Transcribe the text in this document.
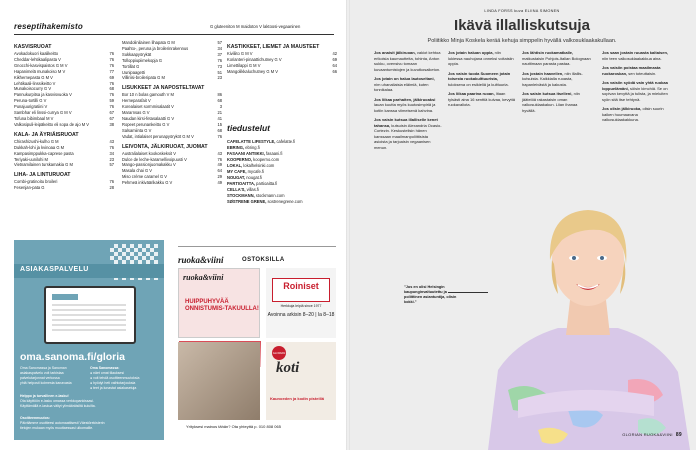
reseptihakemisto	G gluteeniton M maidoton V laktoosi-vegaaninen
KASVISRUOAT
Avokadokuori kaalikeitto	76
Cheddar-lehtikaalipasta V	76
Gnocchi-kasvispaistos G M V	76
Hapanimelä munakoiso M V	77
Kikhernepasta G M V	69
Lehtikaali-linssikeitto V	76
Munakoisocurry G V	68
Pannukurpitsa ja kasvisvuoka V	76
Peruna-tortilli G V	59
Punajuurigratiini V	76
Sambhar eli linssi-currya G M V	67
Tofuna bibimbaal M V	67
Valkosipuli-leipäkeitto eli sopa de ajo M V	38
KALA- JA ÄYRIÄISRUOAT
Chirashizushi-kulho G M	43
Dukkah-lohi ja kvinoaa G M	76
Kampasimppukka-caprese pasta	34
Teriyaki-uunilohi M	23
Vietnamilainen turskamakia G M	57
LIHA- JA LINTURUOAT
Combi-gratinoitu broileri	76
Fesenjan-pata G	28
Mandolinilainen lihapata G M	57
Paahto-, peruna ja broilerinrakennus	34
Sukkaapyörykät	37
Tolloppiupiimekopja G	76
Tortillat G	73
Uunipaagetti	51
Villiriisi-broileripata G M	23
LISUKKEET JA NAPOSTELTAVAT
Bor 10 n bolas gamouth V M	86
Herneparafait V	68
Korealaiset sormmisalaatit V	3
Mararnsas G V	21
Naudan kirsi-fetasalaatti G V	41
Ropeet perunankeitto G V	15
Salsamiinta G V	68
Vadat, intialaiset perunapyöryköt G M V	76
LEIVONTA, JÄLKIRUOAT, JUOMAT
Australialaiset kookoskeksit V	43
Dulce de leche-karamellivoipuusti V	76
Mango-passionjuomakakku V	49
Masala chai G V	64
Miso crème caramel G V	29
Pehmeä inkiväärikakku G V	49
KASTIKKEET, LIEMET JA MAUSTEET
Kiviliito G M V	42
Korianteri-pinaattichutney G V	69
Limettilappi G M V	64
Mangolikkaluchutney G M V	66
tiedustelut
CAFELATTE LIFESTYLE, cafelatte.fi
EBRING, ebring.fi
FASAANI ANTIIKKI, fasaani.fi
KOOPERNO, kooperno.com
LOKAL, lokalhelsinki.com
MY CAFE, mycafe.fi
NOUGAT, nougat.fi
PARTIOAITTA, partioaitta.fi
CELLA'S, villas.fi
STOCKMANN, stockmann.com
SØSTRENE GRENE, sostrenegrene.com
ASIAKASPALVELU
oma.sanoma.fi/gloria
Oma Sanomassa ja Sanoman
asiakaspalvelu voit tarkistaa
palvelutarjonnat verkossa
yhtä helposti kolmesta kanavasta
Oma Sanomassa:
● näet omat tilauksesi
● voit tehdä osoitteenmuutoksia
● hyödyt heti vaihtotarjouksia
● teet ja lunastat asiakasetuja
Helppo ja turvallinen e-lasku!
Ota käyttöön e-lasku omassa verkkopankissasi.
Käyttämällä e-laskua vältyt ylimääräisiltä kuluilta.
Osoitteenmuutos:
Päivitämme osoitteesi automaattisesti Väestörekisterin
tietojen mukaan myös muuttaessasi ulkomaille.
ruoka&viini	OSTOKSILLA
ruoka&viini
HUIPPUHYVÄÄ ONNISTUMIS-TAKUULLA!
Roiniset
Herkkuja leipiä since 1977
Avoinna arkisin 8–20 | la 8–18
GLORIAN
koti
Kaunoeden ja kodin pisteillä
Yrityksesi mainos tähän? Ota yhteyttä p. 010 808 065
LINDA FORSS kuva ELIINA SIMONEN
Ikävä illalliskutsuja
Poliitikko Minja Koskela kerää kehuja simppelin hyvällä valkosuklaakakullaan.

Jos anaisit jälkiruoan, vakiot kehtoa erikoisia kaumautteita, tohinta, Anton sukku, ovensivu tomaan kuvaantumistojen ja kuvutkosaiketon.

Jos jotain on halua lautoseltani, nim uhanaliaisia eläimiä, kuten tonnikalaa.

Jos liikaa parhaiten, jälkiruoaksi lauan kuutta myös kuutosimpiriä ja kotiin kanssa viimeisenä kahvina.

Jos vaisin kutsua illalliselle kenet tahansa, kutsuisin Alexandria Ocasio-Cortezin. Keskustelisin hänen kanssaan maailmanpoliittisista asioista ja tarjoaisin vegaanisen menun.

Jos jotain haluan oppia, niin lukiessa nauhojana onneksi voitaisiin oppia.

Jos vaisin tuoda Suomeen jotain toisesta ruokakulttuurista, tuloksena on esikieliä ja kulttuuria.

Jos liikaa paarina ruoan, litaan tylsästi aina 16 senttiä kuivaa, kevyttä ruokavaliota.

Jos lähtisin ruokamatkalle, matkustaisin Pohjois-Italian Bolognaan nauttimaan parasta pastaa.

Jos jostain haaveilen, niin illallis-kutsuista. Kaikkialla ruoasta, hapanleivästä ja kakusta.

Jos saisin kutsua itselleni, niin jäätelöä rakastaisin oman valkosuklaakakun. Liian ihanaa hyvällä.

Jos saan jostain ruuasta kaltaisen, niin teen valkosuklaakakkua aina.

Jos vaisiin poistaa maailmasta ruokaroskan, sen toteuttaisin.

Jos vaisiin syödä vain yhtä ruokaa loppuelämäni, söisin kimchiä. Se on sopivan kevyttä ja tulista, ja mieluiten syön sitä itse tehtynä.

Jos olisin jälkiruoka, olisin suurin kaiken huumaavana valkosuklaakakkuna.

"Jos en olisi Helsingin kaupunginvaltuutettu ja poliittinen asiantuntija, olisin kokki."
GLORIAN RUOKA&VIINI 89
